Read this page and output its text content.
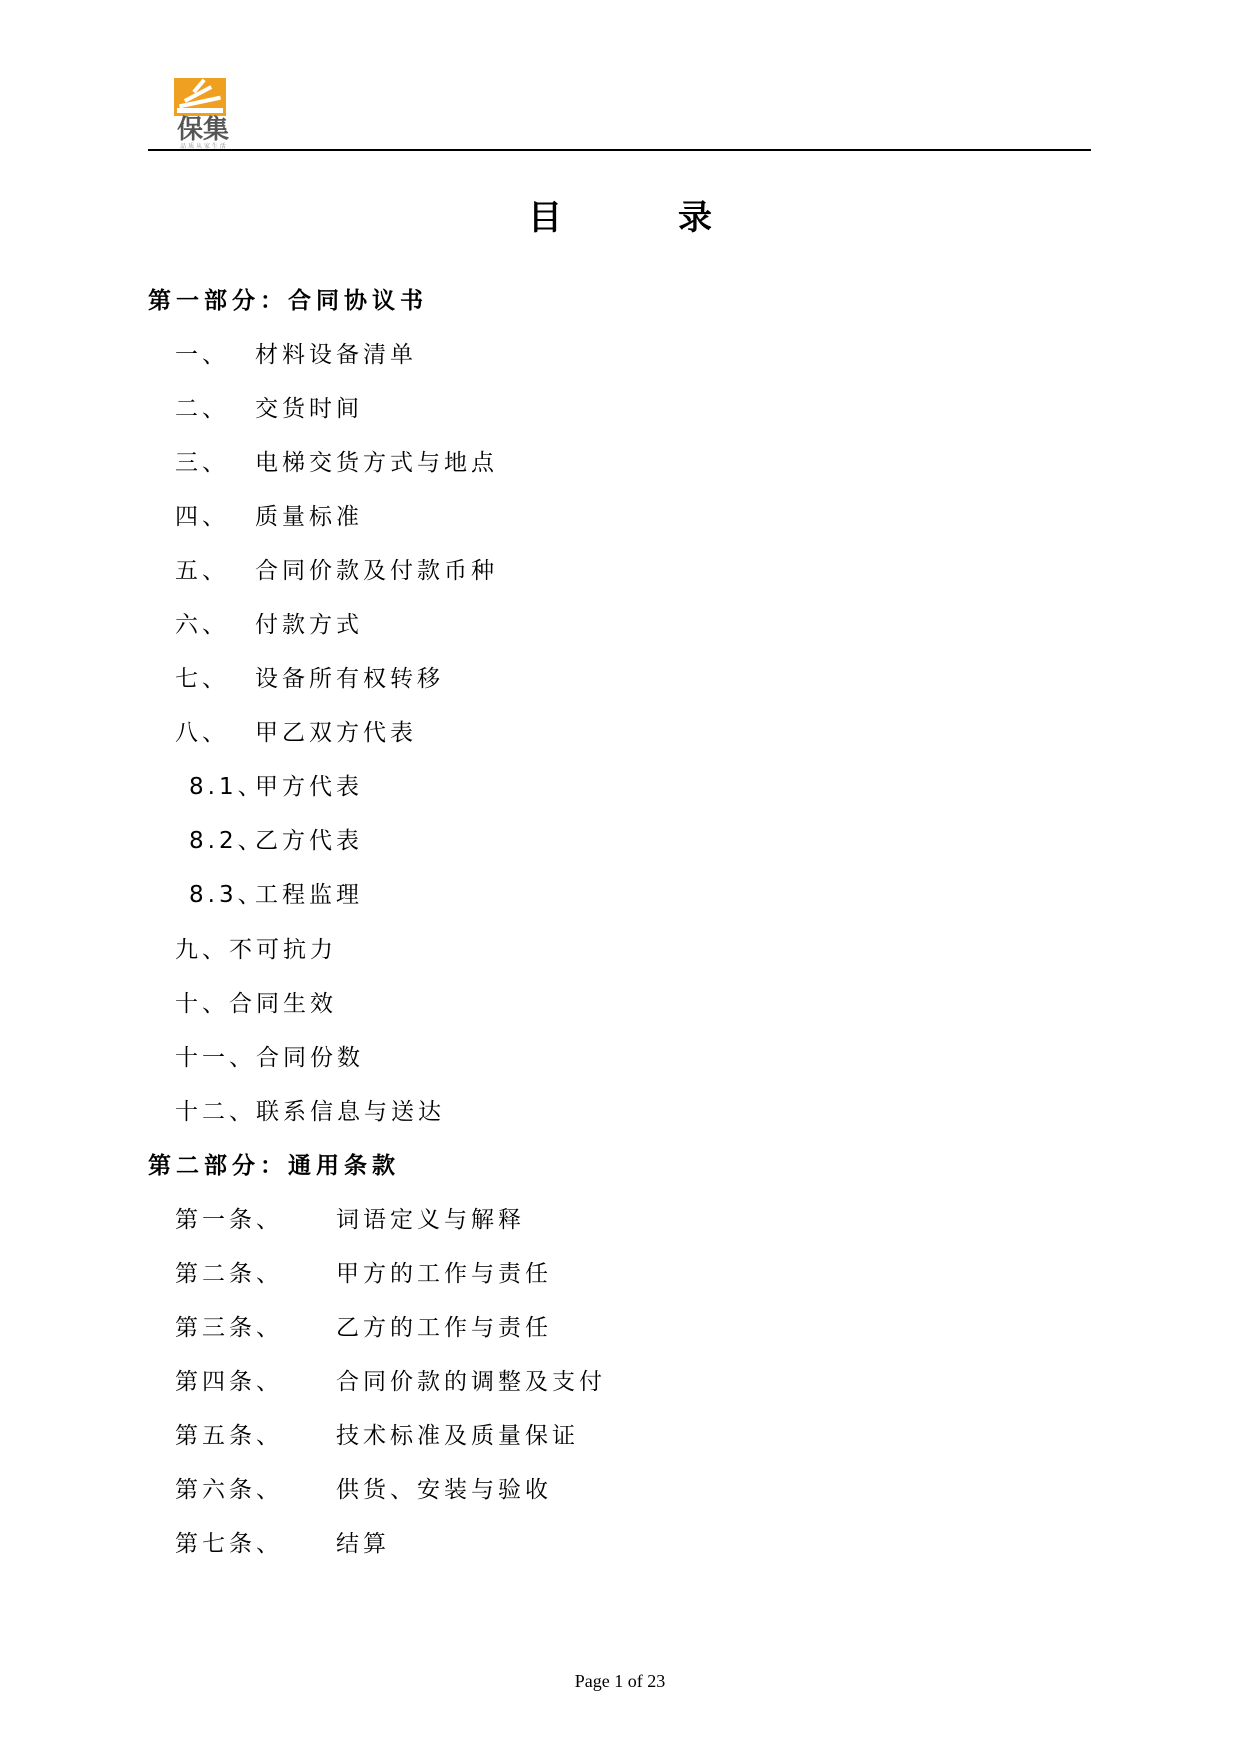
保集
品 质 从 家 生 活
目	录
第一部分：合同协议书
一、 材料设备清单
二、 交货时间
三、 电梯交货方式与地点
四、 质量标准
五、 合同价款及付款币种
六、 付款方式
七、 设备所有权转移
八、 甲乙双方代表
8.1、甲方代表
8.2、乙方代表
8.3、工程监理
九、不可抗力
十、合同生效
十一、合同份数
十二、联系信息与送达
第二部分：通用条款
第一条、 词语定义与解释
第二条、 甲方的工作与责任
第三条、 乙方的工作与责任
第四条、 合同价款的调整及支付
第五条、 技术标准及质量保证
第六条、 供货、安装与验收
第七条、 结算
Page 1 of 23
